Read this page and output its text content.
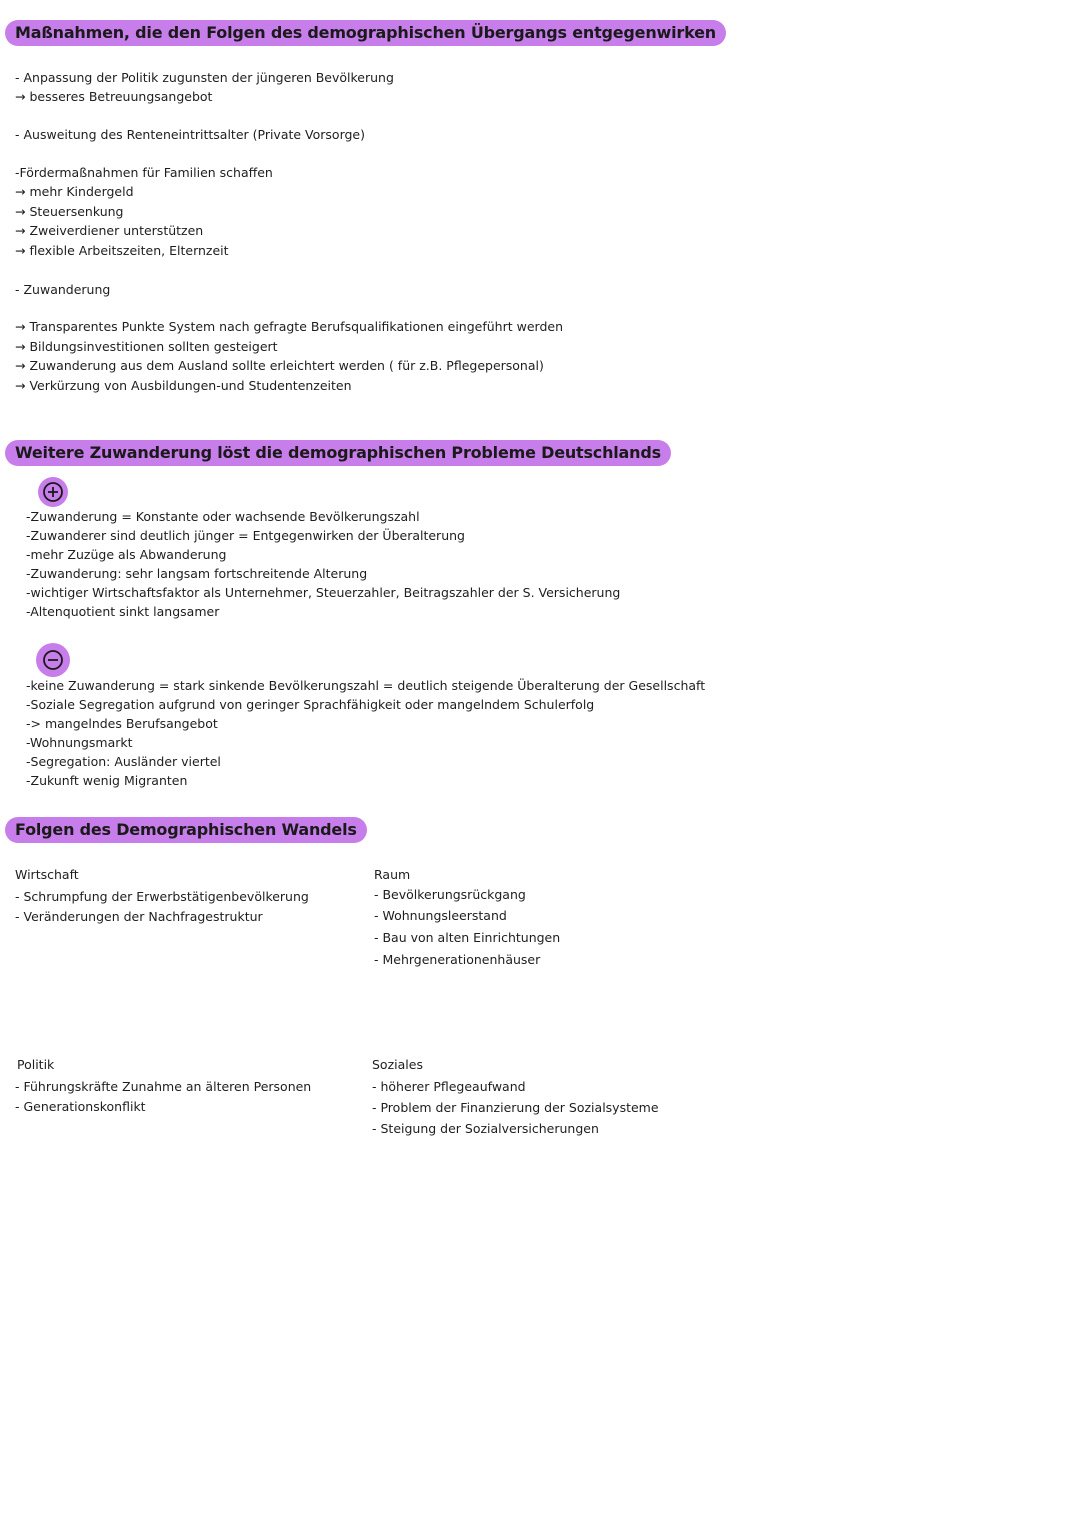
Maßnahmen, die den Folgen des demographischen Übergangs entgegenwirken
- Anpassung der Politik zugunsten der jüngeren Bevölkerung
→ besseres Betreuungsangebot
- Ausweitung des Renteneintrittsalter (Private Vorsorge)
-Fördermaßnahmen für Familien schaffen
→ mehr Kindergeld
→ Steuersenkung
→ Zweiverdiener unterstützen
→ flexible Arbeitszeiten, Elternzeit
- Zuwanderung
→ Transparentes Punkte System nach gefragte Berufsqualifikationen eingeführt werden
→ Bildungsinvestitionen sollten gesteigert
→ Zuwanderung aus dem Ausland sollte erleichtert werden ( für z.B. Pflegepersonal)
→ Verkürzung von Ausbildungen-und Studentenzeiten
Weitere Zuwanderung löst die demographischen Probleme Deutschlands
-Zuwanderung = Konstante oder wachsende Bevölkerungszahl
-Zuwanderer sind deutlich jünger = Entgegenwirken der Überalterung
-mehr Zuzüge als Abwanderung
-Zuwanderung: sehr langsam fortschreitende Alterung
-wichtiger Wirtschaftsfaktor als Unternehmer, Steuerzahler, Beitragszahler der S. Versicherung
-Altenquotient sinkt langsamer
-keine Zuwanderung = stark sinkende Bevölkerungszahl = deutlich steigende Überalterung der Gesellschaft
-Soziale Segregation aufgrund von geringer Sprachfähigkeit oder mangelndem Schulerfolg
-> mangelndes Berufsangebot
-Wohnungsmarkt
-Segregation: Ausländer viertel
-Zukunft wenig Migranten
Folgen des Demographischen Wandels
Wirtschaft
- Schrumpfung der Erwerbstätigenbevölkerung
- Veränderungen der Nachfragestruktur
Raum
- Bevölkerungsrückgang
- Wohnungsleerstand
- Bau von alten Einrichtungen
- Mehrgenerationenhäuser
Politik
- Führungskräfte Zunahme an älteren Personen
- Generationskonflikt
Soziales
- höherer Pflegeaufwand
- Problem der Finanzierung der Sozialsysteme
- Steigung der Sozialversicherungen
